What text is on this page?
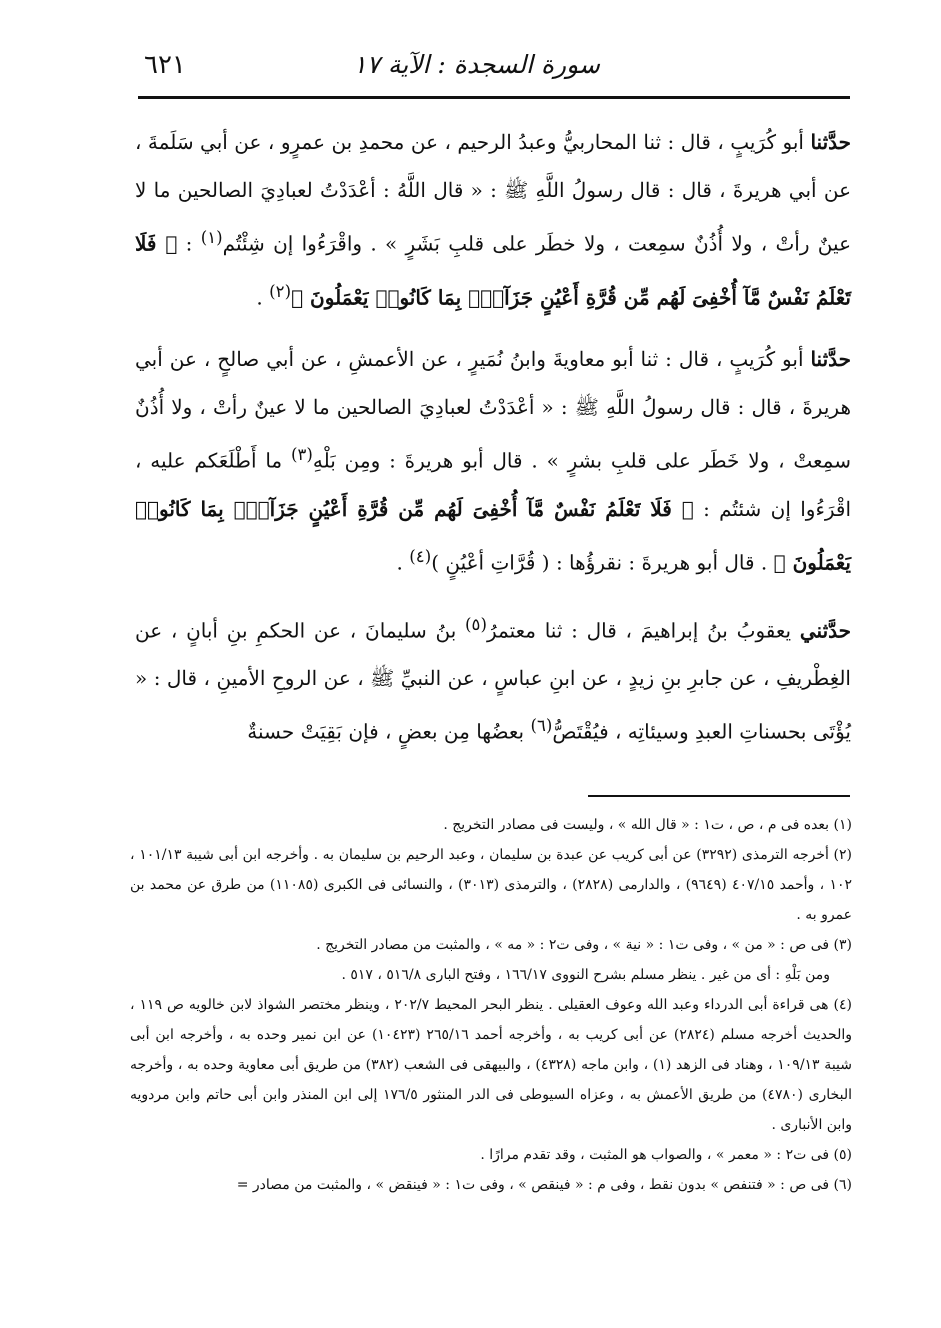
سورة السجدة : الآية ١٧
٦٢١

حدَّثنا أبو كُرَيبٍ ، قال : ثنا المحاربيُّ وعبدُ الرحيم ، عن محمدِ بن عمرٍو ، عن أبي سَلَمةَ ، عن أبي هريرةَ ، قال : قال رسولُ اللَّهِ ﷺ : « قال اللَّهُ : أعْدَدْتُ لعبادِيَ الصالحين ما لا عينٌ رأتْ ، ولا أُذُنٌ سمِعت ، ولا خطَر على قلبِ بَشَرٍ » . واقْرَءُوا إن شِئْتُم$^{(١)}$ : ﴿ فَلَا تَعْلَمُ نَفْسٌ مَّآ أُخْفِىَ لَهُم مِّن قُرَّةِ أَعْيُنٍ جَزَآءَۢ بِمَا كَانُوا۟ يَعْمَلُونَ ﴾$^{(٢)}$ .

حدَّثنا أبو كُرَيبٍ ، قال : ثنا أبو معاويةَ وابنُ نُمَيرٍ ، عن الأعمشِ ، عن أبي صالحٍ ، عن أبي هريرةَ ، قال : قال رسولُ اللَّهِ ﷺ : « أعْدَدْتُ لعبادِيَ الصالحين ما لا عينٌ رأتْ ، ولا أُذُنٌ سمِعتْ ، ولا خَطَر على قلبِ بشرٍ » . قال أبو هريرةَ : ومِن بَلْهِ$^{(٣)}$ ما أَطْلَعَكم عليه ، اقْرَءُوا إن شئتُم : ﴿ فَلَا تَعْلَمُ نَفْسٌ مَّآ أُخْفِىَ لَهُم مِّن قُرَّةِ أَعْيُنٍ جَزَآءَۢ بِمَا كَانُوا۟ يَعْمَلُونَ ﴾ . قال أبو هريرةَ : نقرؤُها : ( قُرَّاتِ أعْيُنٍ )$^{(٤)}$ .

حدَّثني يعقوبُ بنُ إبراهيمَ ، قال : ثنا معتمرُ$^{(٥)}$ بنُ سليمانَ ، عن الحكمِ بنِ أبانٍ ، عن الغِطْريفِ ، عن جابرِ بنِ زيدٍ ، عن ابنِ عباسٍ ، عن النبيِّ ﷺ ، عن الروحِ الأمينِ ، قال : « يُؤْتَى بحسناتِ العبدِ وسيئاتِه ، فيُقْتَصُّ$^{(٦)}$ بعضُها مِن بعضٍ ، فإن بَقِيَتْ حسنةٌ

(١) بعده فى م ، ص ، ت١ : « قال الله » ، وليست فى مصادر التخريج .

(٢) أخرجه الترمذى (٣٢٩٢) عن أبى كريب عن عبدة بن سليمان ، وعبد الرحيم بن سليمان به . وأخرجه ابن أبى شيبة ١٠١/١٣ ، ١٠٢ ، وأحمد ٤٠٧/١٥ (٩٦٤٩) ، والدارمى (٢٨٢٨) ، والترمذى (٣٠١٣) ، والنسائى فى الكبرى (١١٠٨٥) من طرق عن محمد بن عمرو به .

(٣) فى ص : « من » ، وفى ت١ : « نية » ، وفى ت٢ : « مه » ، والمثبت من مصادر التخريج .

ومن بَلْهِ : أى من غير . ينظر مسلم بشرح النووى ١٦٦/١٧ ، وفتح البارى ٥١٦/٨ ، ٥١٧ .

(٤) هى قراءة أبى الدرداء وعبد الله وعوف العقيلى . ينظر البحر المحيط ٢٠٢/٧ ، وينظر مختصر الشواذ لابن خالويه ص ١١٩ ، والحديث أخرجه مسلم (٢٨٢٤) عن أبى كريب به ، وأخرجه أحمد ٢٦٥/١٦ (١٠٤٢٣) عن ابن نمير وحده به ، وأخرجه ابن أبى شيبة ١٠٩/١٣ ، وهناد فى الزهد (١) ، وابن ماجه (٤٣٢٨) ، والبيهقى فى الشعب (٣٨٢) من طريق أبى معاوية وحده به ، وأخرجه البخارى (٤٧٨٠) من طريق الأعمش به ، وعزاه السيوطى فى الدر المنثور ١٧٦/٥ إلى ابن المنذر وابن أبى حاتم وابن مردويه وابن الأنبارى .

(٥) فى ت٢ : « معمر » ، والصواب هو المثبت ، وقد تقدم مرارًا .

(٦) فى ص : « فتنفص » بدون نقط ، وفى م : « فينقص » ، وفى ت١ : « فينقض » ، والمثبت من مصادر =
